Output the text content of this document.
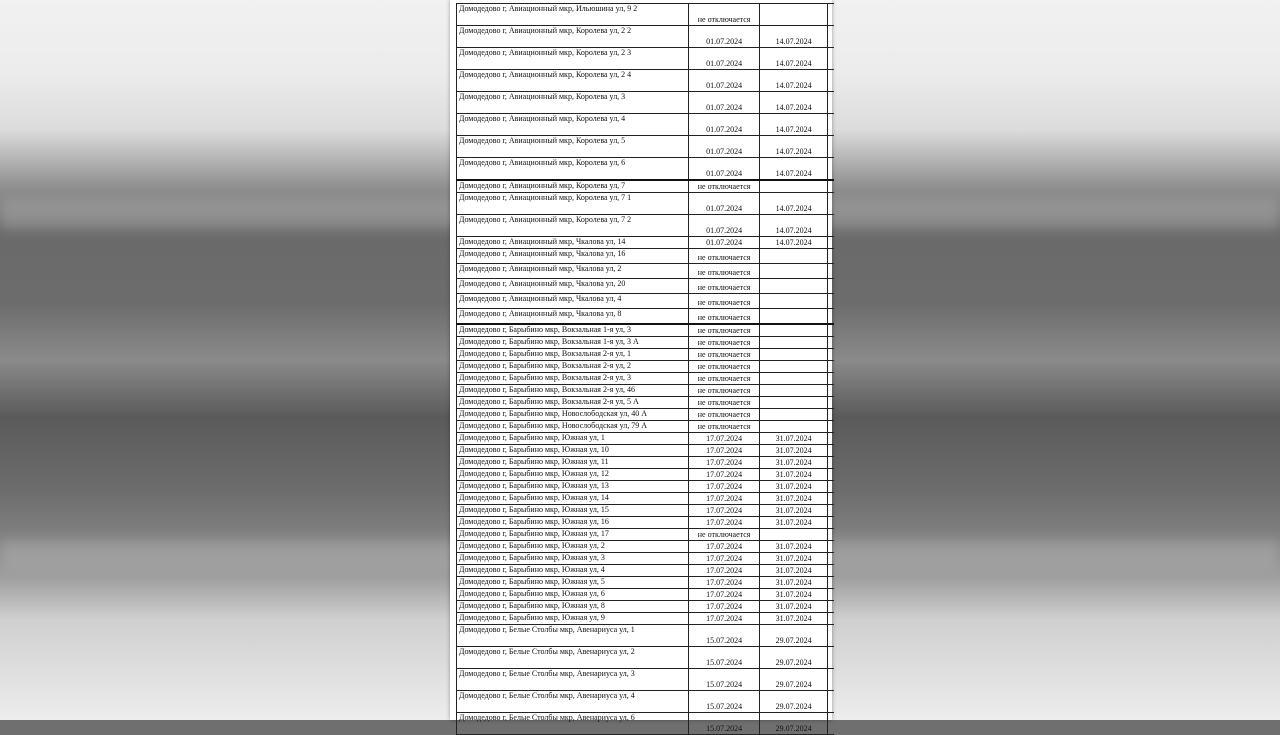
Домодедово г, Авиационный мкр, Ильюшина ул, 9 2	не отключается		
Домодедово г, Авиационный мкр, Королева ул, 2 2	01.07.2024	14.07.2024	
Домодедово г, Авиационный мкр, Королева ул, 2 3	01.07.2024	14.07.2024	
Домодедово г, Авиационный мкр, Королева ул, 2 4	01.07.2024	14.07.2024	
Домодедово г, Авиационный мкр, Королева ул, 3	01.07.2024	14.07.2024	
Домодедово г, Авиационный мкр, Королева ул, 4	01.07.2024	14.07.2024	
Домодедово г, Авиационный мкр, Королева ул, 5	01.07.2024	14.07.2024	
Домодедово г, Авиационный мкр, Королева ул, 6	01.07.2024	14.07.2024	
Домодедово г, Авиационный мкр, Королева ул, 7	не отключается		
Домодедово г, Авиационный мкр, Королева ул, 7 1	01.07.2024	14.07.2024	
Домодедово г, Авиационный мкр, Королева ул, 7 2	01.07.2024	14.07.2024	
Домодедово г, Авиационный мкр, Чкалова ул, 14	01.07.2024	14.07.2024	
Домодедово г, Авиационный мкр, Чкалова ул, 16	не отключается		
Домодедово г, Авиационный мкр, Чкалова ул, 2	не отключается		
Домодедово г, Авиационный мкр, Чкалова ул, 20	не отключается		
Домодедово г, Авиационный мкр, Чкалова ул, 4	не отключается		
Домодедово г, Авиационный мкр, Чкалова ул, 8	не отключается		
Домодедово г, Барыбино мкр, Вокзальная 1-я ул, 3	не отключается		
Домодедово г, Барыбино мкр, Вокзальная 1-я ул, 3 А	не отключается		
Домодедово г, Барыбино мкр, Вокзальная 2-я ул, 1	не отключается		
Домодедово г, Барыбино мкр, Вокзальная 2-я ул, 2	не отключается		
Домодедово г, Барыбино мкр, Вокзальная 2-я ул, 3	не отключается		
Домодедово г, Барыбино мкр, Вокзальная 2-я ул, 46	не отключается		
Домодедово г, Барыбино мкр, Вокзальная 2-я ул, 5 А	не отключается		
Домодедово г, Барыбино мкр, Новослободская ул, 40 А	не отключается		
Домодедово г, Барыбино мкр, Новослободская ул, 79 А	не отключается		
Домодедово г, Барыбино мкр, Южная ул, 1	17.07.2024	31.07.2024	
Домодедово г, Барыбино мкр, Южная ул, 10	17.07.2024	31.07.2024	
Домодедово г, Барыбино мкр, Южная ул, 11	17.07.2024	31.07.2024	
Домодедово г, Барыбино мкр, Южная ул, 12	17.07.2024	31.07.2024	
Домодедово г, Барыбино мкр, Южная ул, 13	17.07.2024	31.07.2024	
Домодедово г, Барыбино мкр, Южная ул, 14	17.07.2024	31.07.2024	
Домодедово г, Барыбино мкр, Южная ул, 15	17.07.2024	31.07.2024	
Домодедово г, Барыбино мкр, Южная ул, 16	17.07.2024	31.07.2024	
Домодедово г, Барыбино мкр, Южная ул, 17	не отключается		
Домодедово г, Барыбино мкр, Южная ул, 2	17.07.2024	31.07.2024	
Домодедово г, Барыбино мкр, Южная ул, 3	17.07.2024	31.07.2024	
Домодедово г, Барыбино мкр, Южная ул, 4	17.07.2024	31.07.2024	
Домодедово г, Барыбино мкр, Южная ул, 5	17.07.2024	31.07.2024	
Домодедово г, Барыбино мкр, Южная ул, 6	17.07.2024	31.07.2024	
Домодедово г, Барыбино мкр, Южная ул, 8	17.07.2024	31.07.2024	
Домодедово г, Барыбино мкр, Южная ул, 9	17.07.2024	31.07.2024	
Домодедово г, Белые Столбы мкр, Авенариуса ул, 1	15.07.2024	29.07.2024	
Домодедово г, Белые Столбы мкр, Авенариуса ул, 2	15.07.2024	29.07.2024	
Домодедово г, Белые Столбы мкр, Авенариуса ул, 3	15.07.2024	29.07.2024	
Домодедово г, Белые Столбы мкр, Авенариуса ул, 4	15.07.2024	29.07.2024	
Домодедово г, Белые Столбы мкр, Авенариуса ул, 6	15.07.2024	29.07.2024	
